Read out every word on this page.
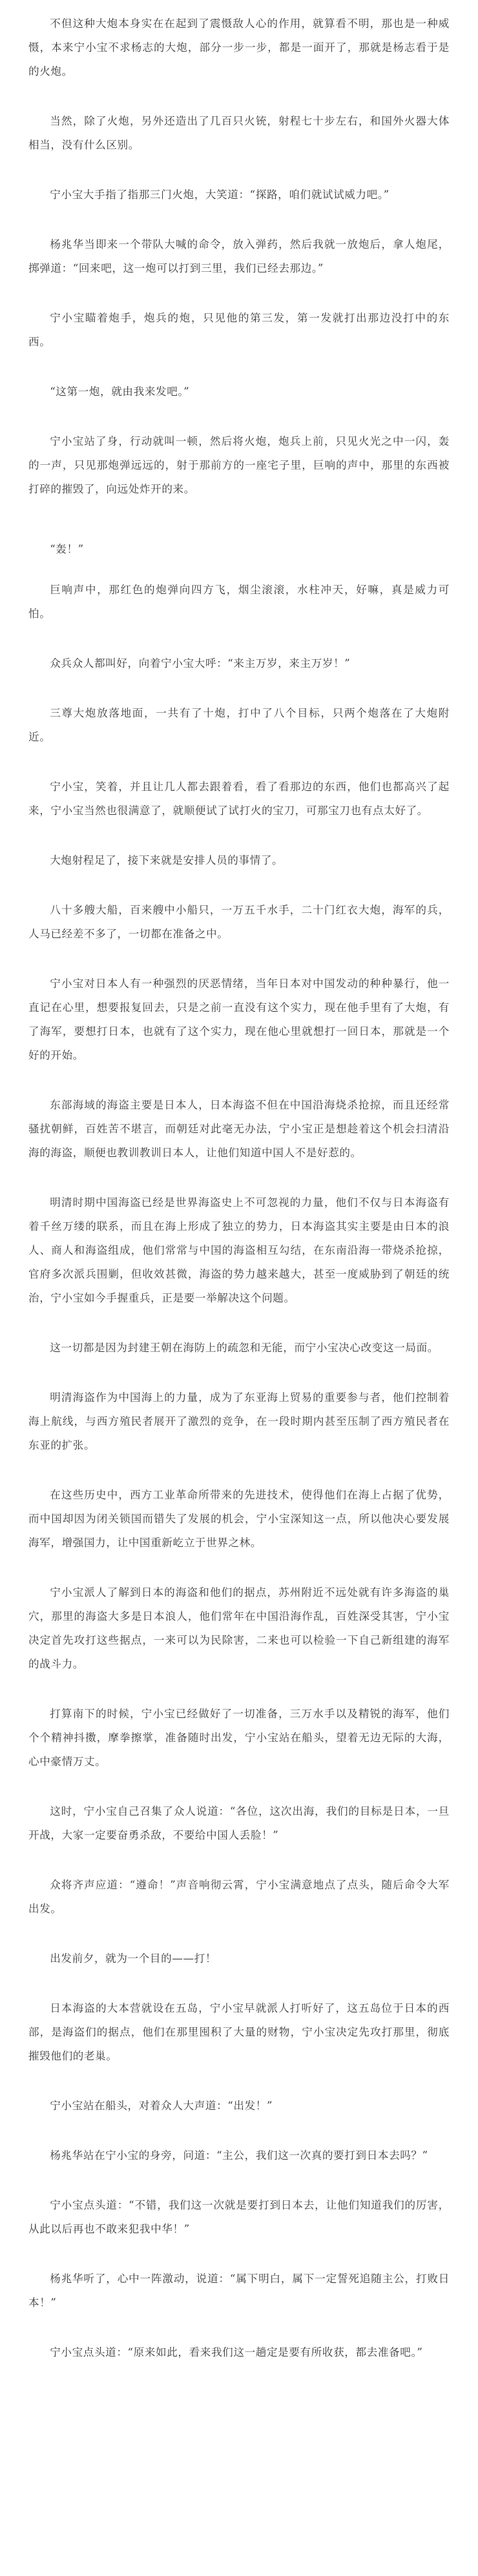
不但这种大炮本身实在在起到了震慑敌人心的作用，就算看不明，那也是一种威慑，本来宁小宝不求杨志的大炮，部分一步一步，都是一面开了，那就是杨志看于是的火炮。

当然，除了火炮，另外还造出了几百只火铳，射程七十步左右，和国外火器大体相当，没有什么区别。

宁小宝大手指了指那三门火炮，大笑道：“探路，咱们就试试威力吧。”

杨兆华当即来一个带队大喊的命令，放入弹药，然后我就一放炮后，拿人炮尾，掷弹道：“回来吧，这一炮可以打到三里，我们已经去那边。”

宁小宝瞄着炮手，炮兵的炮，只见他的第三发，第一发就打出那边没打中的东西。

“这第一炮，就由我来发吧。”

宁小宝站了身，行动就叫一顿，然后将火炮，炮兵上前，只见火光之中一闪，轰的一声，只见那炮弹远远的，射于那前方的一座宅子里，巨响的声中，那里的东西被打碎的摧毁了，向远处炸开的来。

“轰！”

巨响声中，那红色的炮弹向四方飞，烟尘滚滚，水柱冲天，好嘛，真是威力可怕。

众兵众人都叫好，向着宁小宝大呼：“来主万岁，来主万岁！”

三尊大炮放落地面，一共有了十炮，打中了八个目标，只两个炮落在了大炮附近。

宁小宝，笑着，并且让几人都去跟着看，看了看那边的东西，他们也都高兴了起来，宁小宝当然也很满意了，就顺便试了试打火的宝刀，可那宝刀也有点太好了。

大炮射程足了，接下来就是安排人员的事情了。

八十多艘大船，百来艘中小船只，一万五千水手，二十门红衣大炮，海军的兵，人马已经差不多了，一切都在准备之中。

宁小宝对日本人有一种强烈的厌恶情绪，当年日本对中国发动的种种暴行，他一直记在心里，想要报复回去，只是之前一直没有这个实力，现在他手里有了大炮，有了海军，要想打日本，也就有了这个实力，现在他心里就想打一回日本，那就是一个好的开始。

东部海域的海盗主要是日本人，日本海盗不但在中国沿海烧杀抢掠，而且还经常骚扰朝鲜，百姓苦不堪言，而朝廷对此毫无办法，宁小宝正是想趁着这个机会扫清沿海的海盗，顺便也教训教训日本人，让他们知道中国人不是好惹的。

明清时期中国海盗已经是世界海盗史上不可忽视的力量，他们不仅与日本海盗有着千丝万缕的联系，而且在海上形成了独立的势力，日本海盗其实主要是由日本的浪人、商人和海盗组成，他们常常与中国的海盗相互勾结，在东南沿海一带烧杀抢掠，官府多次派兵围剿，但收效甚微，海盗的势力越来越大，甚至一度威胁到了朝廷的统治，宁小宝如今手握重兵，正是要一举解决这个问题。

这一切都是因为封建王朝在海防上的疏忽和无能，而宁小宝决心改变这一局面。

明清海盗作为中国海上的力量，成为了东亚海上贸易的重要参与者，他们控制着海上航线，与西方殖民者展开了激烈的竞争，在一段时期内甚至压制了西方殖民者在东亚的扩张。

在这些历史中，西方工业革命所带来的先进技术，使得他们在海上占据了优势，而中国却因为闭关锁国而错失了发展的机会，宁小宝深知这一点，所以他决心要发展海军，增强国力，让中国重新屹立于世界之林。

宁小宝派人了解到日本的海盗和他们的据点，苏州附近不远处就有许多海盗的巢穴，那里的海盗大多是日本浪人，他们常年在中国沿海作乱，百姓深受其害，宁小宝决定首先攻打这些据点，一来可以为民除害，二来也可以检验一下自己新组建的海军的战斗力。

打算南下的时候，宁小宝已经做好了一切准备，三万水手以及精锐的海军，他们个个精神抖擞，摩拳擦掌，准备随时出发，宁小宝站在船头，望着无边无际的大海，心中豪情万丈。

这时，宁小宝自己召集了众人说道：“各位，这次出海，我们的目标是日本，一旦开战，大家一定要奋勇杀敌，不要给中国人丢脸！”

众将齐声应道：“遵命！”声音响彻云霄，宁小宝满意地点了点头，随后命令大军出发。

出发前夕，就为一个目的——打！

日本海盗的大本营就设在五岛，宁小宝早就派人打听好了，这五岛位于日本的西部，是海盗们的据点，他们在那里囤积了大量的财物，宁小宝决定先攻打那里，彻底摧毁他们的老巢。

宁小宝站在船头，对着众人大声道：“出发！”

杨兆华站在宁小宝的身旁，问道：“主公，我们这一次真的要打到日本去吗？”

宁小宝点头道：“不错，我们这一次就是要打到日本去，让他们知道我们的厉害，从此以后再也不敢来犯我中华！”

杨兆华听了，心中一阵激动，说道：“属下明白，属下一定誓死追随主公，打败日本！”

宁小宝点头道：“原来如此，看来我们这一趟定是要有所收获，都去准备吧。”
